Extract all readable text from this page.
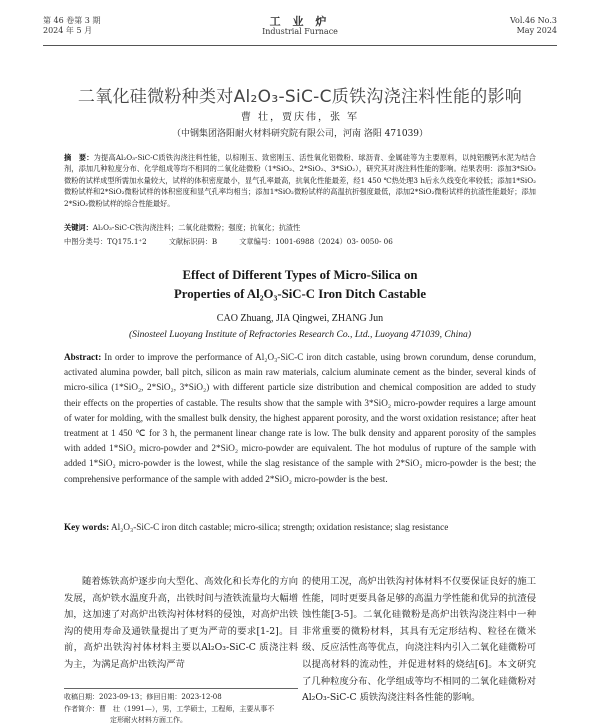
第 46 卷第 3 期
2024 年 5 月
工 业 炉
Industrial Furnace
Vol.46 No.3
May 2024
二氧化硅微粉种类对Al₂O₃-SiC-C质铁沟浇注料性能的影响
曹 壮，贾庆伟，张 军
（中钢集团洛阳耐火材料研究院有限公司，河南 洛阳 471039）
摘　要：为提高Al₂O₃-SiC-C质铁沟浇注料性能，以棕刚玉、致密刚玉、活性氧化铝微粉、球沥青、金属硅等为主要原料，以纯铝酸钙水泥为结合剂，添加几种粒度分布、化学组成等均不相同的二氧化硅微粉（1*SiO₂、2*SiO₂、3*SiO₂），研究其对浇注料性能的影响。结果表明：添加3*SiO₂微粉的试样成型所需加水量较大，试样的体积密度最小，显气孔率最高，抗氧化性能最差，经1 450 ℃热处理3 h后永久线变化率较低；添加1*SiO₂微粉试样和2*SiO₂微粉试样的体积密度和显气孔率均相当；添加1*SiO₂微粉试样的高温抗折强度最低，添加2*SiO₂微粉试样的抗渣性能最好；添加2*SiO₂微粉试样的综合性能最好。
关键词：Al₂O₃-SiC-C铁沟浇注料；二氧化硅微粉；强度；抗氧化；抗渣性
中图分类号：TQ175.1⁺2	文献标识码：B	文章编号：1001-6988（2024）03- 0050- 06
Effect of Different Types of Micro-Silica on
Properties of Al₂O₃-SiC-C Iron Ditch Castable
CAO Zhuang, JIA Qingwei, ZHANG Jun
(Sinosteel Luoyang Institute of Refractories Research Co., Ltd., Luoyang 471039, China)
Abstract: In order to improve the performance of Al₂O₃-SiC-C iron ditch castable, using brown corundum, dense corundum, activated alumina powder, ball pitch, silicon as main raw materials, calcium aluminate cement as the binder, several kinds of micro-silica (1*SiO₂, 2*SiO₂, 3*SiO₂) with different particle size distribution and chemical composition are added to study their effects on the properties of castable. The results show that the sample with 3*SiO₂ micro-powder requires a large amount of water for molding, with the smallest bulk density, the highest apparent porosity, and the worst oxidation resistance; after heat treatment at 1 450 ℃ for 3 h, the permanent linear change rate is low. The bulk density and apparent porosity of the samples with added 1*SiO₂ micro-powder and 2*SiO₂ micro-powder are equivalent. The hot modulus of rupture of the sample with added 1*SiO₂ micro-powder is the lowest, while the slag resistance of the sample with 2*SiO₂ micro-powder is the best; the comprehensive performance of the sample with added 2*SiO₂ micro-powder is the best.
Key words: Al₂O₃-SiC-C iron ditch castable; micro-silica; strength; oxidation resistance; slag resistance
随着炼铁高炉逐步向大型化、高效化和长寿化的方向发展，高炉铁水温度升高，出铁时间与渣铁流量均大幅增加，这加速了对高炉出铁沟衬体材料的侵蚀，对高炉出铁沟的使用寿命及通铁量提出了更为严苛的要求[1-2]。目前，高炉出铁沟衬体材料主要以Al₂O₃-SiC-C 质浇注料为主，为满足高炉出铁沟严苛
的使用工况，高炉出铁沟衬体材料不仅要保证良好的施工性能，同时更要具备足够的高温力学性能和优异的抗渣侵蚀性能[3-5]。二氧化硅微粉是高炉出铁沟浇注料中一种非常重要的微粉材料，其具有无定形结构、粒径在微米级、反应活性高等优点，向浇注料内引入二氧化硅微粉可以提高材料的流动性，并促进材料的烧结[6]。本文研究了几种粒度分布、化学组成等均不相同的二氧化硅微粉对 Al₂O₃-SiC-C 质铁沟浇注料各性能的影响。
收稿日期：2023-09-13；修回日期：2023-12-08
作者简介：曹　壮（1991—），男，工学硕士，工程师，主要从事不
定形耐火材料方面工作。
